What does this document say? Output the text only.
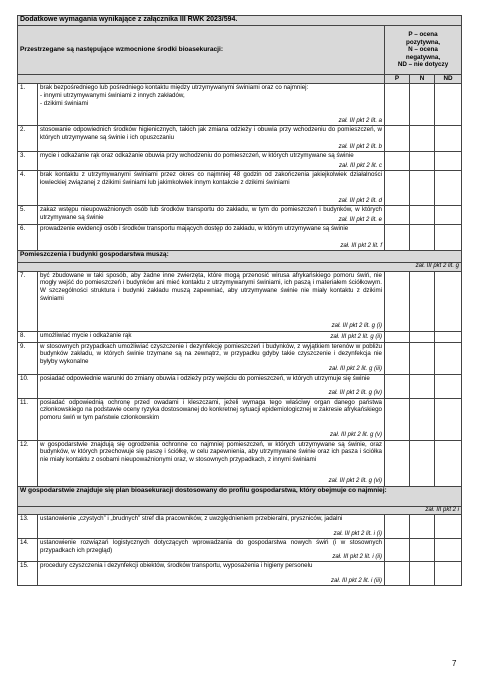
Dodatkowe wymagania wynikające z załącznika III RWK 2023/594.				
Przestrzegane są następujące wzmocnione środki bioasekuracji:		P – ocena
pozytywna,
N – ocena
negatywna,
ND – nie dotyczy		

		P	N	ND
1.	brak bezpośredniego lub pośredniego kontaktu między utrzymywanymi świniami oraz co najmniej:
- innymi utrzymywanymi świniami z innych zakładów,
- dzikimi świniami
zał. III pkt 2 lit. a			

2.	stosowanie odpowiednich środków higienicznych, takich jak zmiana odzieży i obuwia przy wchodzeniu do pomieszczeń, w których utrzymywane są świnie i ich opuszczaniu
zał. III pkt 2 lit. b			

3.	mycie i odkażanie rąk oraz odkażanie obuwia przy wchodzeniu do pomieszczeń, w których utrzymywane są świnie
zał. III pkt 2 lit. c			

4.	brak kontaktu z utrzymywanymi świniami przez okres co najmniej 48 godzin od zakończenia jakiejkolwiek działalności łowieckiej związanej z dzikimi świniami lub jakimkolwiek innym kontakcie z dzikimi świniami
zał. III pkt 2 lit. d			

5.	zakaz wstępu nieupoważnionych osób lub środków transportu do zakładu, w tym do pomieszczeń i budynków, w których utrzymywane są świnie zał. III pkt 2 lit. e			

6.	prowadzenie ewidencji osób i środków transportu mających dostęp do zakładu, w którym utrzymywane są świnie
zał. III pkt 2 lit. f			

Pomieszczenia i budynki gospodarstwa muszą:				
zał. III pkt 2 lit. g				
7.	być zbudowane w taki sposób, aby żadne inne zwierzęta, które mogą przenosić wirusa afrykańskiego pomoru świń, nie mogły wejść do pomieszczeń i budynków ani mieć kontaktu z utrzymywanymi świniami, ich paszą i materiałem ściółkowym. W szczególności struktura i budynki zakładu muszą zapewniać, aby utrzymywane świnie nie miały kontaktu z dzikimi świniami
zał. III pkt 2 lit. g (i)			

8.	umożliwiać mycie i odkażanie rąk zał. III pkt 2 lit. g (ii)			

9.	w stosownych przypadkach umożliwiać czyszczenie i dezynfekcję pomieszczeń i budynków, z wyjątkiem terenów w pobliżu budynków zakładu, w których świnie trzymane są na zewnątrz, w przypadku gdyby takie czyszczenie i dezynfekcja nie byłyby wykonalne
zał. III pkt 2 lit. g (iii)			

10.	posiadać odpowiednie warunki do zmiany obuwia i odzieży przy wejściu do pomieszczeń, w których utrzymuje się świnie
zał. III pkt 2 lit. g (iv)			

11.	posiadać odpowiednią ochronę przed owadami i kleszczami, jeżeli wymaga tego właściwy organ danego państwa członkowskiego na podstawie oceny ryzyka dostosowanej do konkretnej sytuacji epidemiologicznej w zakresie afrykańskiego pomoru świń w tym państwie członkowskim
zał. III pkt 2 lit. g (v)			

12.	w gospodarstwie znajdują się ogrodzenia ochronne co najmniej pomieszczeń, w których utrzymywane są świnie, oraz budynków, w których przechowuje się paszę i ściółkę, w celu zapewnienia, aby utrzymywane świnie oraz ich pasza i ściółka nie miały kontaktu z osobami nieupoważnionymi oraz, w stosownych przypadkach, z innymi świniami
zał. III pkt 2 lit. g (vi)			

W gospodarstwie znajduje się plan bioasekuracji dostosowany do profilu gospodarstwa, który obejmuje co najmniej:				
zał. III pkt 2 i				
13.	ustanowienie „czystych” i „brudnych” stref dla pracowników, z uwzględnieniem przebieralni, pryszniców, jadalni
zał. III pkt 2 lit. i (i)			

14.	ustanowienie rozwiązań logistycznych dotyczących wprowadzania do gospodarstwa nowych świń (i w stosownych przypadkach ich przegląd)
zał. III pkt 2 lit. i (ii)			

15.	procedury czyszczenia i dezynfekcji obiektów, środków transportu, wyposażenia i higieny personelu
zał. III pkt 2 lit. i (iii)			

7
